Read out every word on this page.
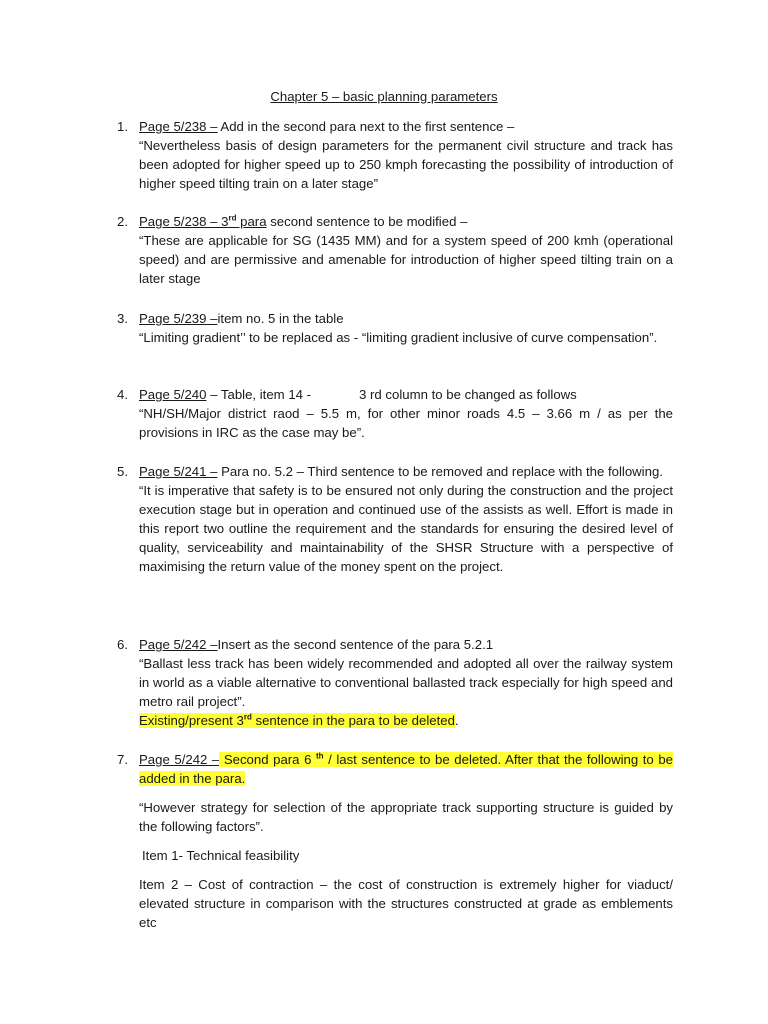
Chapter 5 – basic planning parameters
1. Page 5/238 – Add in the second para next to the first sentence –

“Nevertheless basis of design parameters for the permanent civil structure and track has been adopted for higher speed up to 250 kmph forecasting the possibility of introduction of higher speed tilting train on a later stage”

2. Page 5/238 – 3rd para second sentence to be modified –

“These are applicable for SG (1435 MM) and for a system speed of 200 kmh (operational speed) and are permissive and amenable for introduction of higher speed tilting train on a later stage

3. Page 5/239 –item no. 5 in the table

“Limiting gradient’’ to be replaced as - “limiting gradient inclusive of curve compensation”.

4. Page 5/240 – Table, item 14 -	3 rd column to be changed as follows

“NH/SH/Major district raod – 5.5 m, for other minor roads 4.5 – 3.66 m / as per the provisions in IRC as the case may be”.

5. Page 5/241 – Para no. 5.2 – Third sentence to be removed and replace with the following.

“It is imperative that safety is to be ensured not only during the construction and the project execution stage but in operation and continued use of the assists as well. Effort is made in this report two outline the requirement and the standards for ensuring the desired level of quality, serviceability and maintainability of the SHSR Structure with a perspective of maximising the return value of the money spent on the project.

6. Page 5/242 –Insert as the second sentence of the para 5.2.1

“Ballast less track has been widely recommended and adopted all over the railway system in world as a viable alternative to conventional ballasted track especially for high speed and metro rail project”.

Existing/present 3rd sentence in the para to be deleted.

7. Page 5/242 – Second para 6 $^{th}$ / last sentence to be deleted. After that the following to be added in the para.

“However strategy for selection of the appropriate track supporting structure is guided by the following factors”.

Item 1- Technical feasibility

Item 2 – Cost of contraction – the cost of construction is extremely higher for viaduct/ elevated structure in comparison with the structures constructed at grade as emblements etc
